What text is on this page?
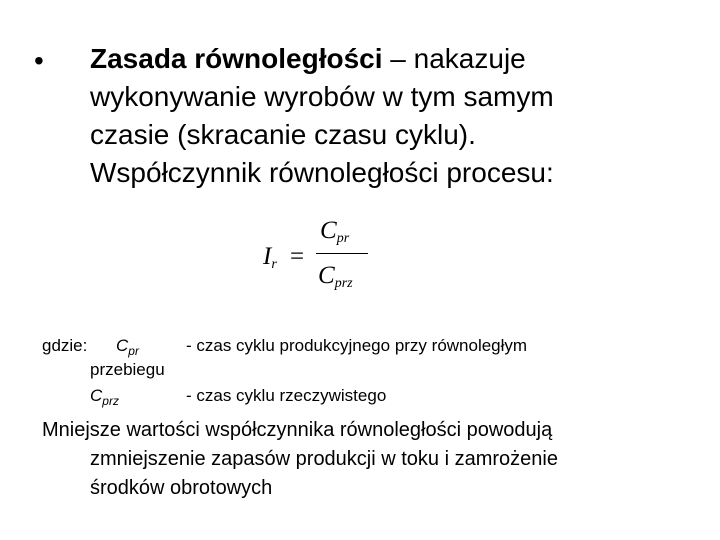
• Zasada równoległości – nakazuje
wykonywanie wyrobów w tym samym
czasie (skracanie czasu cyklu).
Współczynnik równoległości procesu:
$I_r$ =
$C_{pr}$
$C_{prz}$
gdzie: $C_{pr}$	- czas cyklu produkcyjnego przy równoległym
przebiegu
$C_{prz}$	- czas cyklu rzeczywistego
Mniejsze wartości współczynnika równoległości powodują
zmniejszenie zapasów produkcji w toku i zamrożenie
środków obrotowych
